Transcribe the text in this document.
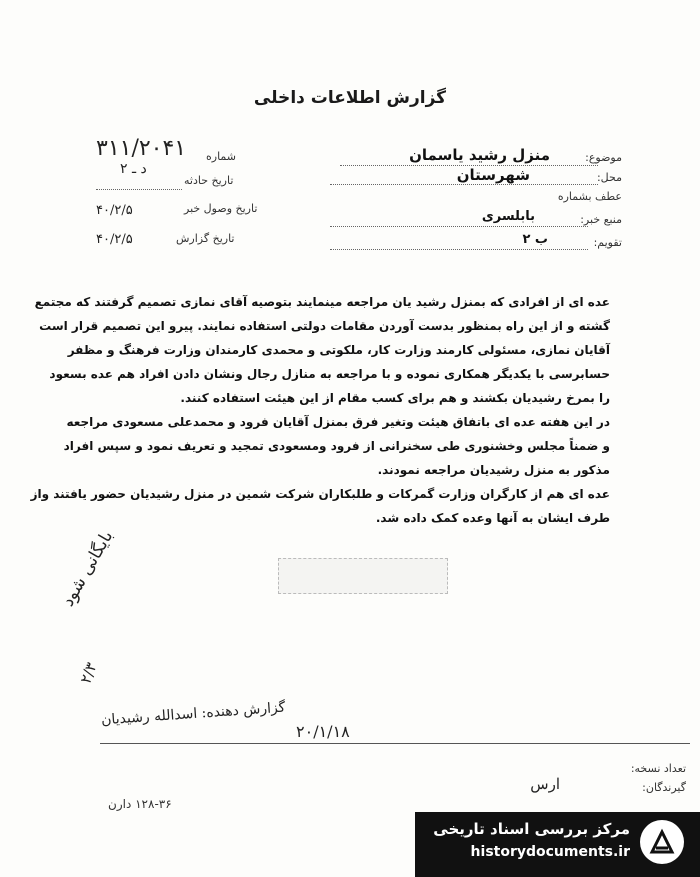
گزارش اطلاعات داخلی
موضوع:
منزل رشید یاسمان
محل:
شهرستان
عطف بشماره
منبع خبر:
بابلسری
تقویم:
ب ۲
شماره
۳۱۱/۲۰۴۱
د ـ ۲
تاریخ حادثه
تاریخ وصول خبر
۴۰/۲/۵
تاریخ گزارش
۴۰/۲/۵
عده ای از افرادی که بمنزل رشید یان مراجعه مینمایند بتوصیه آقای نمازی تصمیم گرفتند که مجتمع
گشته و از این راه بمنظور بدست آوردن مقامات دولتی استفاده نمایند. پیرو این تصمیم قرار است
آقایان نمازی، مسئولی کارمند وزارت کار، ملکوتی و محمدی کارمندان وزارت فرهنگ و مظفر
حسابرسی با یکدیگر همکاری نموده و با مراجعه به منازل رجال ونشان دادن افراد هم عده بسعود
را بمرخ رشیدیان بکشند و هم برای کسب مقام از این هیئت استفاده کنند.
در این هفته عده ای باتفاق هیئت وتغیر فرق بمنزل آقایان فرود و محمدعلی مسعودی مراجعه
و ضمناً مجلس وخشنوری طی سخنرانی از فرود ومسعودی تمجید و تعریف نمود و سپس افراد
مذکور به منزل رشیدیان مراجعه نمودند.
عده ای هم از کارگران وزارت گمرکات و طلبکاران شرکت شمین در منزل رشیدیان حضور یافتند واز
طرف ایشان به آنها وعده کمک داده شد.
بایگانی شود
۲/۳
گزارش دهنده: اسدالله رشیدیان
۲۰/۱/۱۸
تعداد نسخه:
گیرندگان:
ارس
۱۲۸-۳۶ دارن
مرکز بررسی اسناد تاریخی
historydocuments.ir
